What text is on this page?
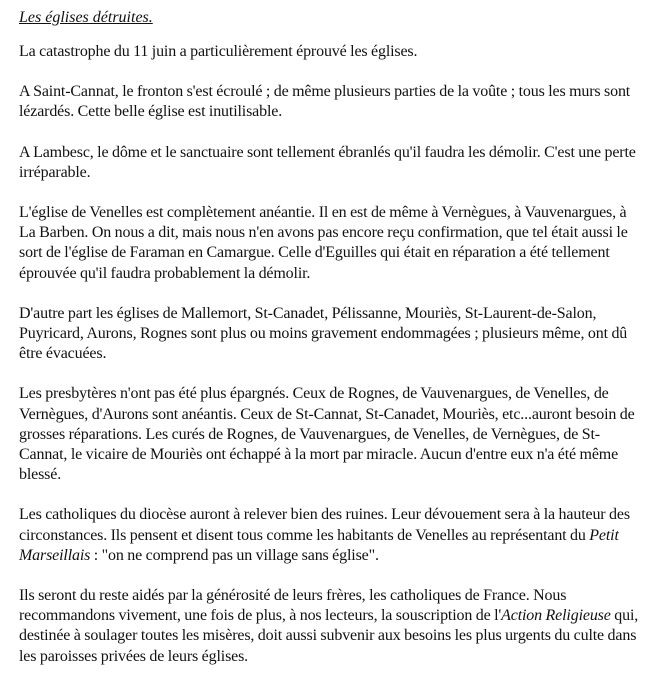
Les églises détruites.

La catastrophe du 11 juin a particulièrement éprouvé les églises.

A Saint-Cannat, le fronton s'est écroulé ; de même plusieurs parties de la voûte ; tous les murs sont lézardés. Cette belle église est inutilisable.

A Lambesc, le dôme et le sanctuaire sont tellement ébranlés qu'il faudra les démolir. C'est une perte irréparable.

L'église de Venelles est complètement anéantie. Il en est de même à Vernègues, à Vauvenargues, à La Barben. On nous a dit, mais nous n'en avons pas encore reçu confirmation, que tel était aussi le sort de l'église de Faraman en Camargue. Celle d'Eguilles qui était en réparation a été tellement éprouvée qu'il faudra probablement la démolir.

D'autre part les églises de Mallemort, St-Canadet, Pélissanne, Mouriès, St-Laurent-de-Salon, Puyricard, Aurons, Rognes sont plus ou moins gravement endommagées ; plusieurs même, ont dû être évacuées.

Les presbytères n'ont pas été plus épargnés. Ceux de Rognes, de Vauvenargues, de Venelles, de Vernègues, d'Aurons sont anéantis. Ceux de St-Cannat, St-Canadet, Mouriès, etc...auront besoin de grosses réparations. Les curés de Rognes, de Vauvenargues, de Venelles, de Vernègues, de St-Cannat, le vicaire de Mouriès ont échappé à la mort par miracle. Aucun d'entre eux n'a été même blessé.

Les catholiques du diocèse auront à relever bien des ruines. Leur dévouement sera à la hauteur des circonstances. Ils pensent et disent tous comme les habitants de Venelles au représentant du Petit Marseillais : "on ne comprend pas un village sans église".

Ils seront du reste aidés par la générosité de leurs frères, les catholiques de France. Nous recommandons vivement, une fois de plus, à nos lecteurs, la souscription de l'Action Religieuse qui, destinée à soulager toutes les misères, doit aussi subvenir aux besoins les plus urgents du culte dans les paroisses privées de leurs églises.
